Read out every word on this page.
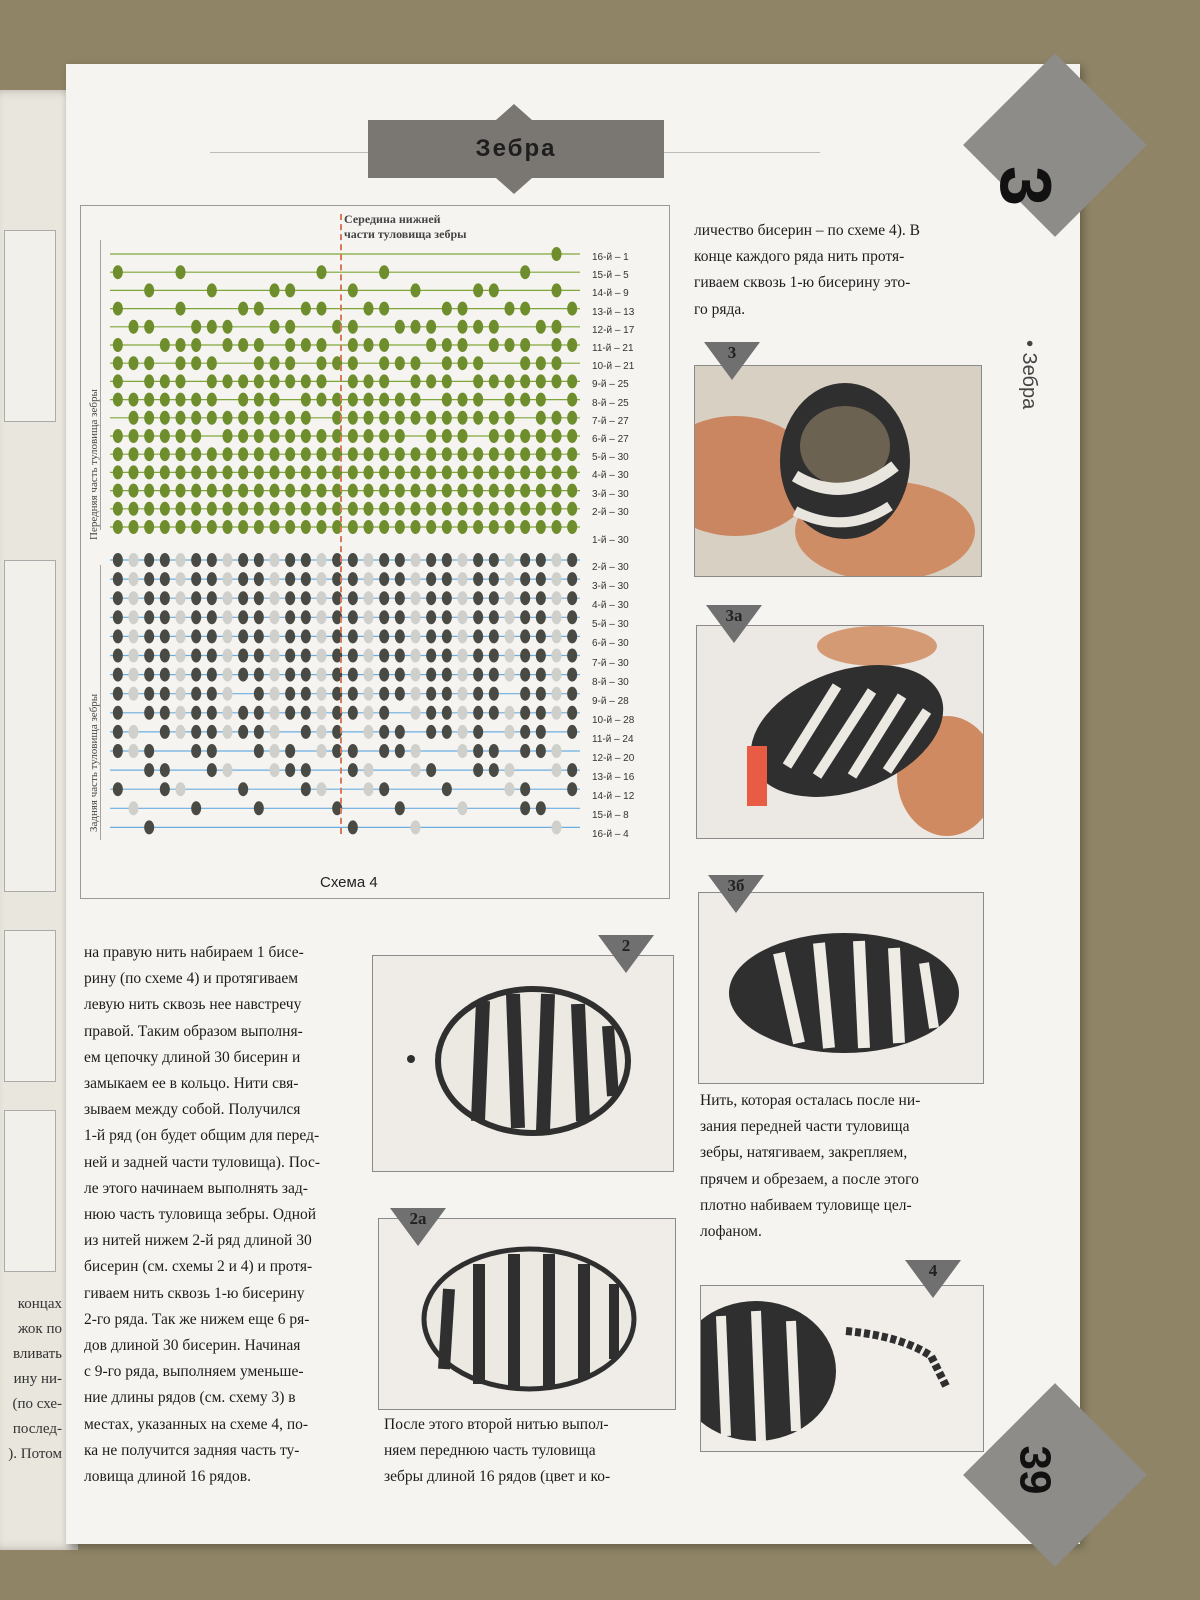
концах
жок по
вливать
ину ни-
(по схе-
послед-
). Потом
3
• Зебра
39
Зебра
Середина нижней
части туловища зебры
Передняя часть туловища зебры
Задняя часть туловища зебры
16-й – 1
15-й – 5
14-й – 9
13-й – 13
12-й – 17
11-й – 21
10-й – 21
9-й – 25
8-й – 25
7-й – 27
6-й – 27
5-й – 30
4-й – 30
3-й – 30
2-й – 30
1-й – 30
2-й – 30
3-й – 30
4-й – 30
5-й – 30
6-й – 30
7-й – 30
8-й – 30
9-й – 28
10-й – 28
11-й – 24
12-й – 20
13-й – 16
14-й – 12
15-й – 8
16-й – 4
Схема 4
личество бисерин – по схеме 4). В
конце каждого ряда нить протя-
гиваем сквозь 1-ю бисерину это-
го ряда.
3
3а
3б
Нить, которая осталась после ни-
зания передней части туловища
зебры, натягиваем, закрепляем,
прячем и обрезаем, а после этого
плотно набиваем туловище цел-
лофаном.
4
2
2а
После этого второй нитью выпол-
няем переднюю часть туловища
зебры длиной 16 рядов (цвет и ко-
на правую нить набираем 1 бисе-
рину (по схеме 4) и протягиваем
левую нить сквозь нее навстречу
правой. Таким образом выполня-
ем цепочку длиной 30 бисерин и
замыкаем ее в кольцо. Нити свя-
зываем между собой. Получился
1-й ряд (он будет общим для перед-
ней и задней части туловища). Пос-
ле этого начинаем выполнять зад-
нюю часть туловища зебры. Одной
из нитей нижем 2-й ряд длиной 30
бисерин (см. схемы 2 и 4) и протя-
гиваем нить сквозь 1-ю бисерину
2-го ряда. Так же нижем еще 6 ря-
дов длиной 30 бисерин. Начиная
с 9-го ряда, выполняем уменьше-
ние длины рядов (см. схему 3) в
местах, указанных на схеме 4, по-
ка не получится задняя часть ту-
ловища длиной 16 рядов.
